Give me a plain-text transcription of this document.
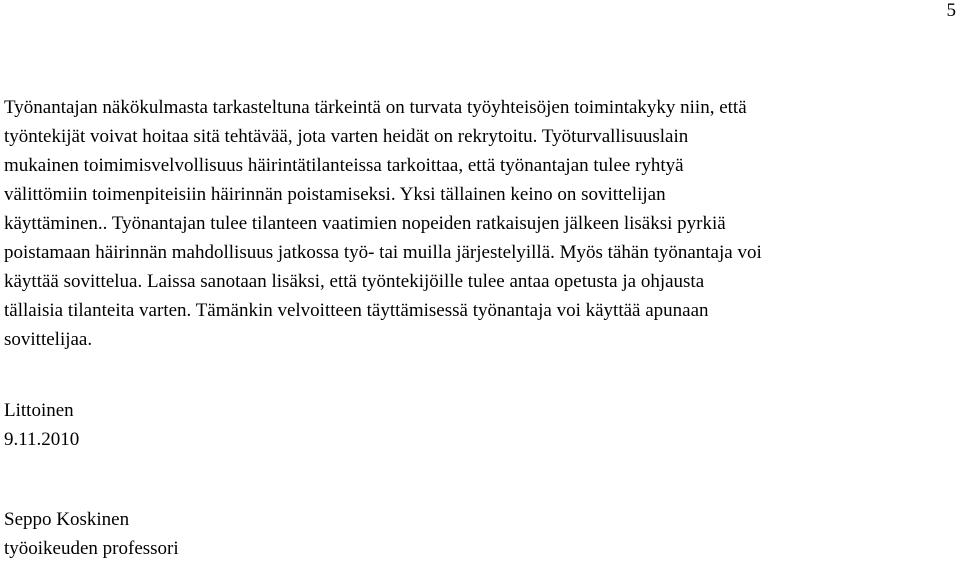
5

Työnantajan näkökulmasta tarkasteltuna tärkeintä on turvata työyhteisöjen toimintakyky niin, että
työntekijät voivat hoitaa sitä tehtävää, jota varten heidät on rekrytoitu. Työturvallisuuslain
mukainen toimimisvelvollisuus häirintätilanteissa tarkoittaa, että työnantajan tulee ryhtyä
välittömiin toimenpiteisiin häirinnän poistamiseksi. Yksi tällainen keino on sovittelijan
käyttäminen.. Työnantajan tulee tilanteen vaatimien nopeiden ratkaisujen jälkeen lisäksi pyrkiä
poistamaan häirinnän mahdollisuus jatkossa työ- tai muilla järjestelyillä. Myös tähän työnantaja voi
käyttää sovittelua. Laissa sanotaan lisäksi, että työntekijöille tulee antaa opetusta ja ohjausta
tällaisia tilanteita varten. Tämänkin velvoitteen täyttämisessä työnantaja voi käyttää apunaan
sovittelijaa.

Littoinen
9.11.2010
Seppo Koskinen
työoikeuden professori
